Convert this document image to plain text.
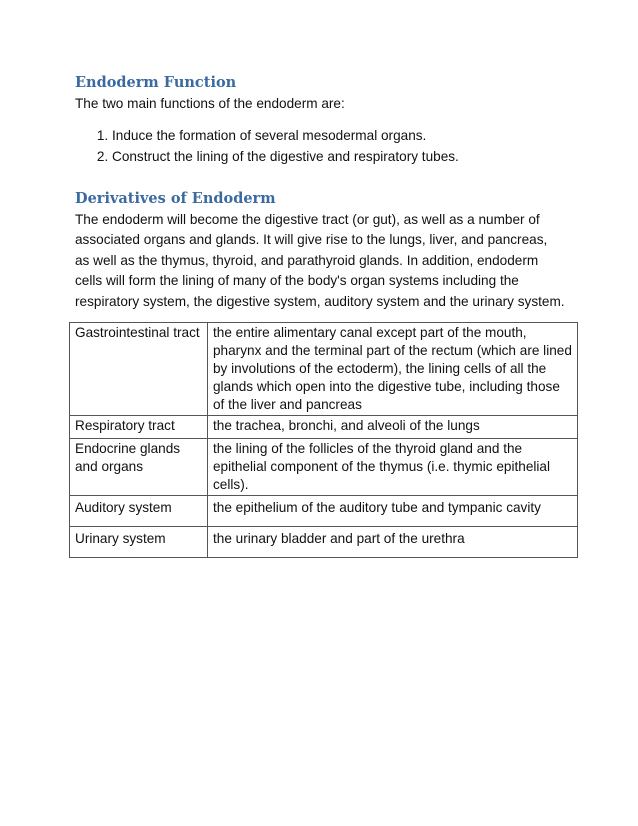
Endoderm Function

The two main functions of the endoderm are:

1. Induce the formation of several mesodermal organs.
2. Construct the lining of the digestive and respiratory tubes.
Derivatives of Endoderm

The endoderm will become the digestive tract (or gut), as well as a number of associated organs and glands. It will give rise to the lungs, liver, and pancreas, as well as the thymus, thyroid, and parathyroid glands. In addition, endoderm cells will form the lining of many of the body's organ systems including the respiratory system, the digestive system, auditory system and the urinary system.

Gastrointestinal tract	the entire alimentary canal except part of the mouth, pharynx and the terminal part of the rectum (which are lined by involutions of the ectoderm), the lining cells of all the glands which open into the digestive tube, including those of the liver and pancreas
Respiratory tract	the trachea, bronchi, and alveoli of the lungs
Endocrine glands and organs	the lining of the follicles of the thyroid gland and the epithelial component of the thymus (i.e. thymic epithelial cells).
Auditory system	the epithelium of the auditory tube and tympanic cavity
Urinary system	the urinary bladder and part of the urethra
